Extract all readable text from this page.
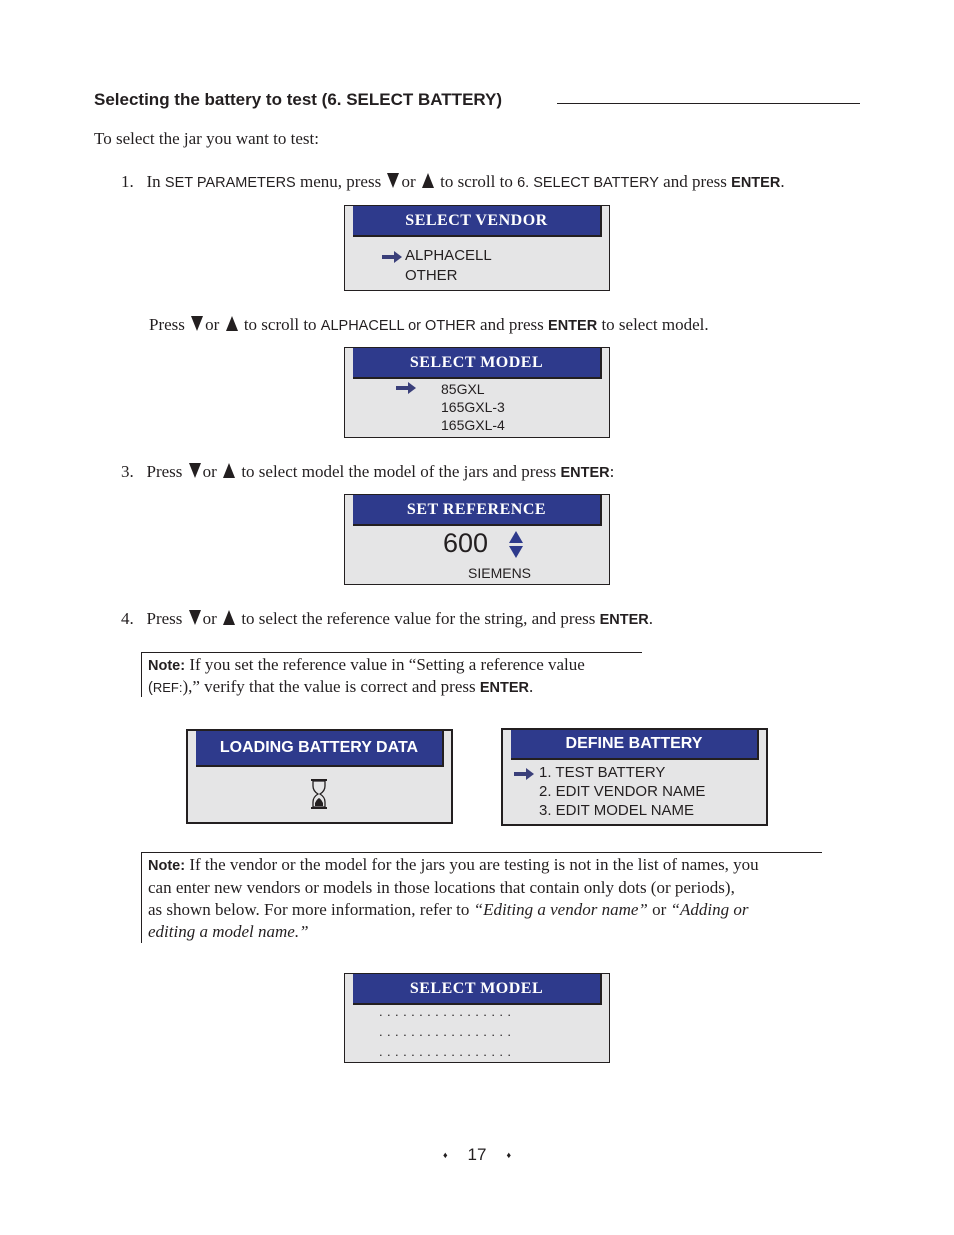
Selecting the battery to test (6. SELECT BATTERY)
To select the jar you want to test:
1. In SET PARAMETERS menu, press or  to scroll to 6. SELECT BATTERY and press ENTER.
SELECT VENDOR
ALPHACELL
OTHER
Press or  to scroll to ALPHACELL or OTHER and press ENTER to select model.
SELECT MODEL
85GXL
165GXL-3
165GXL-4
3. Press or  to select model the model of the jars and press ENTER:
SET REFERENCE
600
SIEMENS
4. Press or  to select the reference value for the string, and press ENTER.
Note: If you set the reference value in “Setting a reference value
(REF:),” verify that the value is correct and press ENTER.
LOADING BATTERY DATA	DEFINE BATTERY
1. TEST BATTERY
2. EDIT VENDOR NAME
3. EDIT MODEL NAME
Note: If the vendor or the model for the jars you are testing is not in the list of names, you
can enter new vendors or models in those locations that contain only dots (or periods),
as shown below. For more information, refer to “Editing a vendor name” or “Adding or
editing a model name.”
SELECT MODEL
. . . . . . . . . . . . . . . . .
. . . . . . . . . . . . . . . . .
. . . . . . . . . . . . . . . . .
♦ 17 ♦
